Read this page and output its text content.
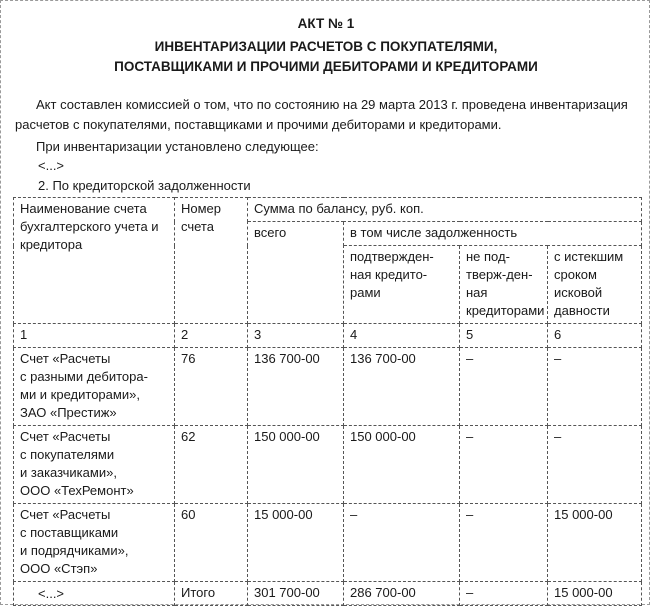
АКТ № 1
ИНВЕНТАРИЗАЦИИ РАСЧЕТОВ С ПОКУПАТЕЛЯМИ,
ПОСТАВЩИКАМИ И ПРОЧИМИ ДЕБИТОРАМИ И КРЕДИТОРАМИ
Акт составлен комиссией о том, что по состоянию на 29 марта 2013 г. проведена инвентаризация
расчетов с покупателями, поставщиками и прочими дебиторами и кредиторами.
При инвентаризации установлено следующее:
<...>
2. По кредиторской задолженности
Наименование счета бухгалтерского учета и кредитора	Номер счета	Сумма по балансу, руб. коп.			
		всего	в том числе задолженность		
			подтвержден-ная кредито-рами	не под-тверж-ден-ная кредиторами	с истекшим сроком исковой давности
1	2	3	4	5	6

Счет «Расчеты
с разными дебитора-
ми и кредиторами»,
ЗАО «Престиж»	76	136 700-00	136 700-00	–	–

Счет «Расчеты
с покупателями
и заказчиками»,
ООО «ТехРемонт»	62	150 000-00	150 000-00	–	–

Счет «Расчеты
с поставщиками
и подрядчиками»,
ООО «Стэп»	60	15 000-00	–	–	15 000-00
	Итого	301 700-00	286 700-00	–	15 000-00
<...>
